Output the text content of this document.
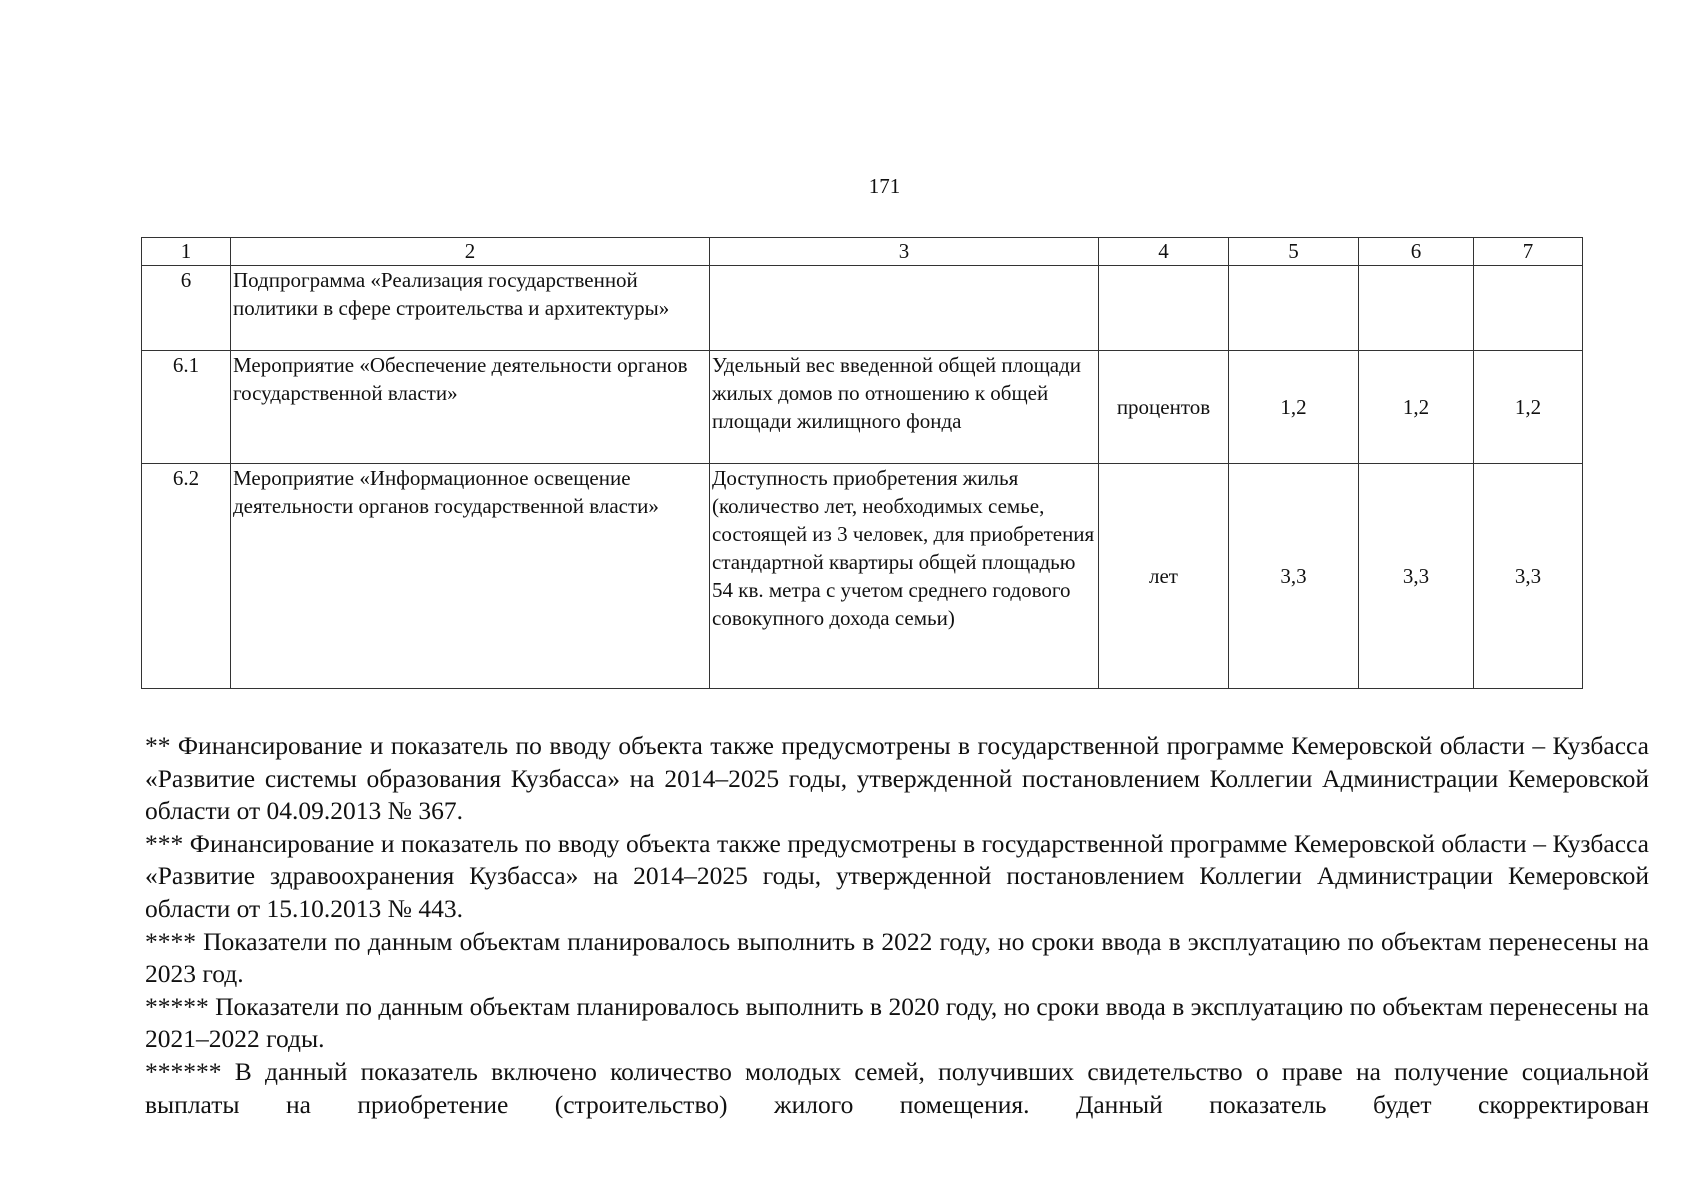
171
1	2	3	4	5	6	7
6	Подпрограмма «Реализация государственной политики в сфере строительства и архитектуры»					
6.1	Мероприятие «Обеспечение деятельности органов государственной власти»	Удельный вес введенной общей площади жилых домов по отношению к общей площади жилищного фонда	процентов	1,2	1,2	1,2
6.2	Мероприятие «Информационное освещение деятельности органов государственной власти»	Доступность приобретения жилья (количество лет, необходимых семье, состоящей из 3 человек, для приобретения стандартной квартиры общей площадью 54 кв. метра с учетом среднего годового совокупного дохода семьи)	лет	3,3	3,3	3,3

** Финансирование и показатель по вводу объекта также предусмотрены в государственной программе Кемеровской области – Кузбасса «Развитие системы образования Кузбасса» на 2014–2025 годы, утвержденной постановлением Коллегии Администрации Кемеровской области от 04.09.2013 № 367.

*** Финансирование и показатель по вводу объекта также предусмотрены в государственной программе Кемеровской области – Кузбасса «Развитие здравоохранения Кузбасса» на 2014–2025 годы, утвержденной постановлением Коллегии Администрации Кемеровской области от 15.10.2013 № 443.

**** Показатели по данным объектам планировалось выполнить в 2022 году, но сроки ввода в эксплуатацию по объектам перенесены на 2023 год.

***** Показатели по данным объектам планировалось выполнить в 2020 году, но сроки ввода в эксплуатацию по объектам перенесены на 2021–2022 годы.

****** В данный показатель включено количество молодых семей, получивших свидетельство о праве на получение социальной выплаты на приобретение (строительство) жилого помещения. Данный показатель будет скорректирован
